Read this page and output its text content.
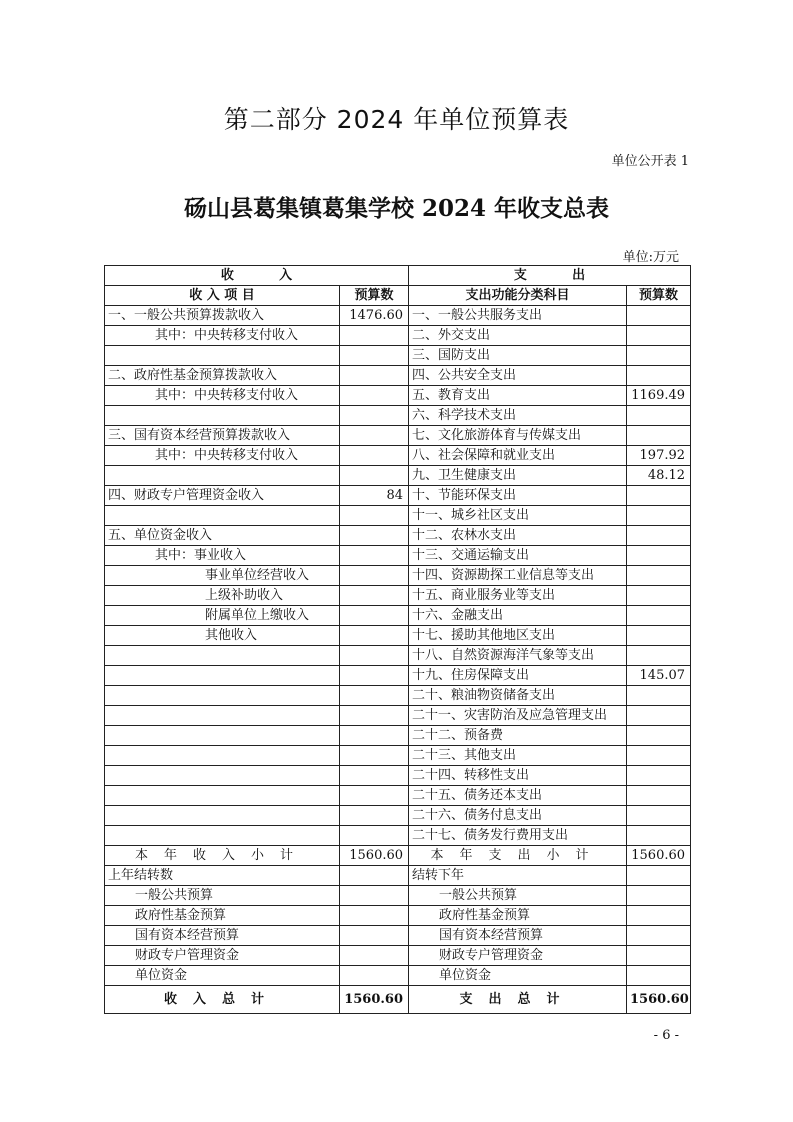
第二部分 2024 年单位预算表
单位公开表 1
砀山县葛集镇葛集学校 2024 年收支总表
单位:万元
收          入		支          出	
收 入 项 目	预算数	支出功能分类科目	预算数
一、一般公共预算拨款收入	1476.60	一、一般公共服务支出	
其中：中央转移支付收入		二、外交支出	
		三、国防支出	
二、政府性基金预算拨款收入		四、公共安全支出	
其中：中央转移支付收入		五、教育支出	1169.49
		六、科学技术支出	
三、国有资本经营预算拨款收入		七、文化旅游体育与传媒支出	
其中：中央转移支付收入		八、社会保障和就业支出	197.92
		九、卫生健康支出	48.12
四、财政专户管理资金收入	84	十、节能环保支出	
		十一、城乡社区支出	
五、单位资金收入		十二、农林水支出	
其中：事业收入		十三、交通运输支出	
事业单位经营收入		十四、资源勘探工业信息等支出	
上级补助收入		十五、商业服务业等支出	
附属单位上缴收入		十六、金融支出	
其他收入		十七、援助其他地区支出	
		十八、自然资源海洋气象等支出	
		十九、住房保障支出	145.07
		二十、粮油物资储备支出	
		二十一、灾害防治及应急管理支出	
		二十二、预备费	
		二十三、其他支出	
		二十四、转移性支出	
		二十五、债务还本支出	
		二十六、债务付息支出	
		二十七、债务发行费用支出	
本年收入小计	1560.60	本年支出小计	1560.60
上年结转数		结转下年	
一般公共预算		一般公共预算	
政府性基金预算		政府性基金预算	
国有资本经营预算		国有资本经营预算	
财政专户管理资金		财政专户管理资金	
单位资金		单位资金	
收入总计	1560.60	支出总计	1560.60
- 6 -
